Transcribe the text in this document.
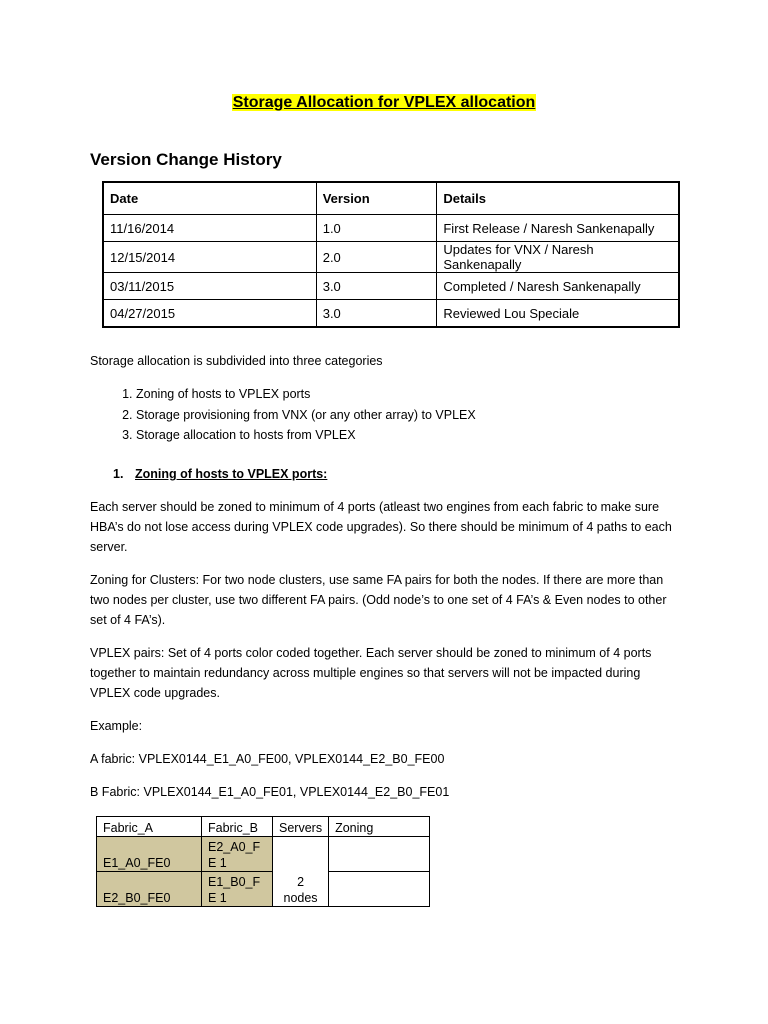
Storage Allocation for VPLEX allocation
Version Change History
Date	Version	Details
11/16/2014	1.0	First Release / Naresh Sankenapally
12/15/2014	2.0	Updates for VNX / Naresh Sankenapally
03/11/2015	3.0	Completed / Naresh Sankenapally
04/27/2015	3.0	Reviewed Lou Speciale
Storage allocation is subdivided into three categories
1. Zoning of hosts to VPLEX ports
2. Storage provisioning from VNX (or any other array) to VPLEX
3. Storage allocation to hosts from VPLEX
1. Zoning of hosts to VPLEX ports:
Each server should be zoned to minimum of 4 ports (atleast two engines from each fabric to make sure HBA’s do not lose access during VPLEX code upgrades). So there should be minimum of 4 paths to each server.
Zoning for Clusters: For two node clusters, use same FA pairs for both the nodes. If there are more than two nodes per cluster, use two different FA pairs. (Odd node’s to one set of 4 FA’s & Even nodes to other set of 4 FA’s).
VPLEX pairs: Set of 4 ports color coded together. Each server should be zoned to minimum of 4 ports together to maintain redundancy across multiple engines so that servers will not be impacted during VPLEX code upgrades.
Example:
A fabric: VPLEX0144_E1_A0_FE00, VPLEX0144_E2_B0_FE00
B Fabric: VPLEX0144_E1_A0_FE01, VPLEX0144_E2_B0_FE01
Fabric_A	Fabric_B	Servers	Zoning
E1_A0_FE0	E2_A0_FE 1	2 nodes	
E2_B0_FE0	E1_B0_FE 1		
